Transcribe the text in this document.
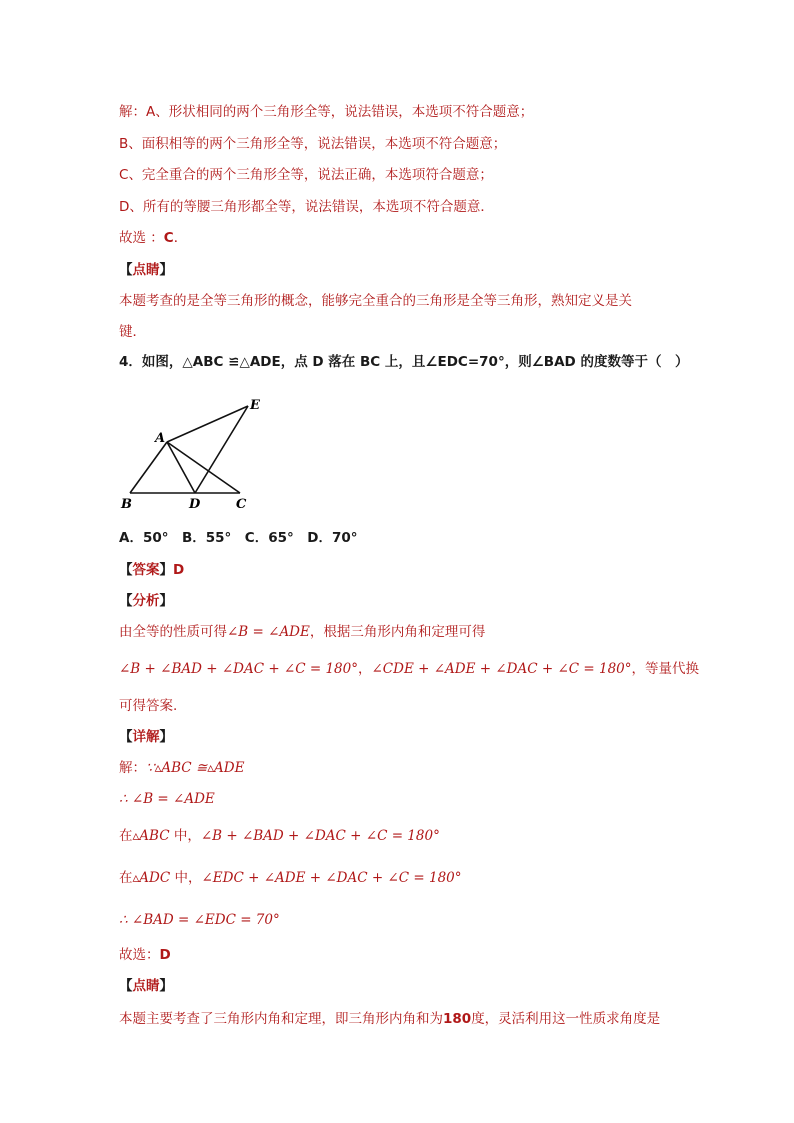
解：A、形状相同的两个三角形全等，说法错误，本选项不符合题意；
B、面积相等的两个三角形全等，说法错误，本选项不符合题意；
C、完全重合的两个三角形全等，说法正确，本选项符合题意；
D、所有的等腰三角形都全等，说法错误，本选项不符合题意．
故选 ：C．
【点睛】
本题考查的是全等三角形的概念，能够完全重合的三角形是全等三角形，熟知定义是关
键．
4．如图，△ABC ≌△ADE，点 D 落在 BC 上，且∠EDC=70°，则∠BAD 的度数等于（　）
A
B	D	C
E
A．50°　B．55°　C．65°　D．70°
【答案】D
【分析】
由全等的性质可得∠B = ∠ADE，根据三角形内角和定理可得
∠B + ∠BAD + ∠DAC + ∠C = 180°，∠CDE + ∠ADE + ∠DAC + ∠C = 180°，等量代换
可得答案.
【详解】
解：∵▵ABC ≅▵ADE
∴ ∠B = ∠ADE
在▵ABC 中，∠B + ∠BAD + ∠DAC + ∠C = 180°
在▵ADC 中，∠EDC + ∠ADE + ∠DAC + ∠C = 180°
∴ ∠BAD = ∠EDC = 70°
故选：D
【点睛】
本题主要考查了三角形内角和定理，即三角形内角和为180度，灵活利用这一性质求角度是
